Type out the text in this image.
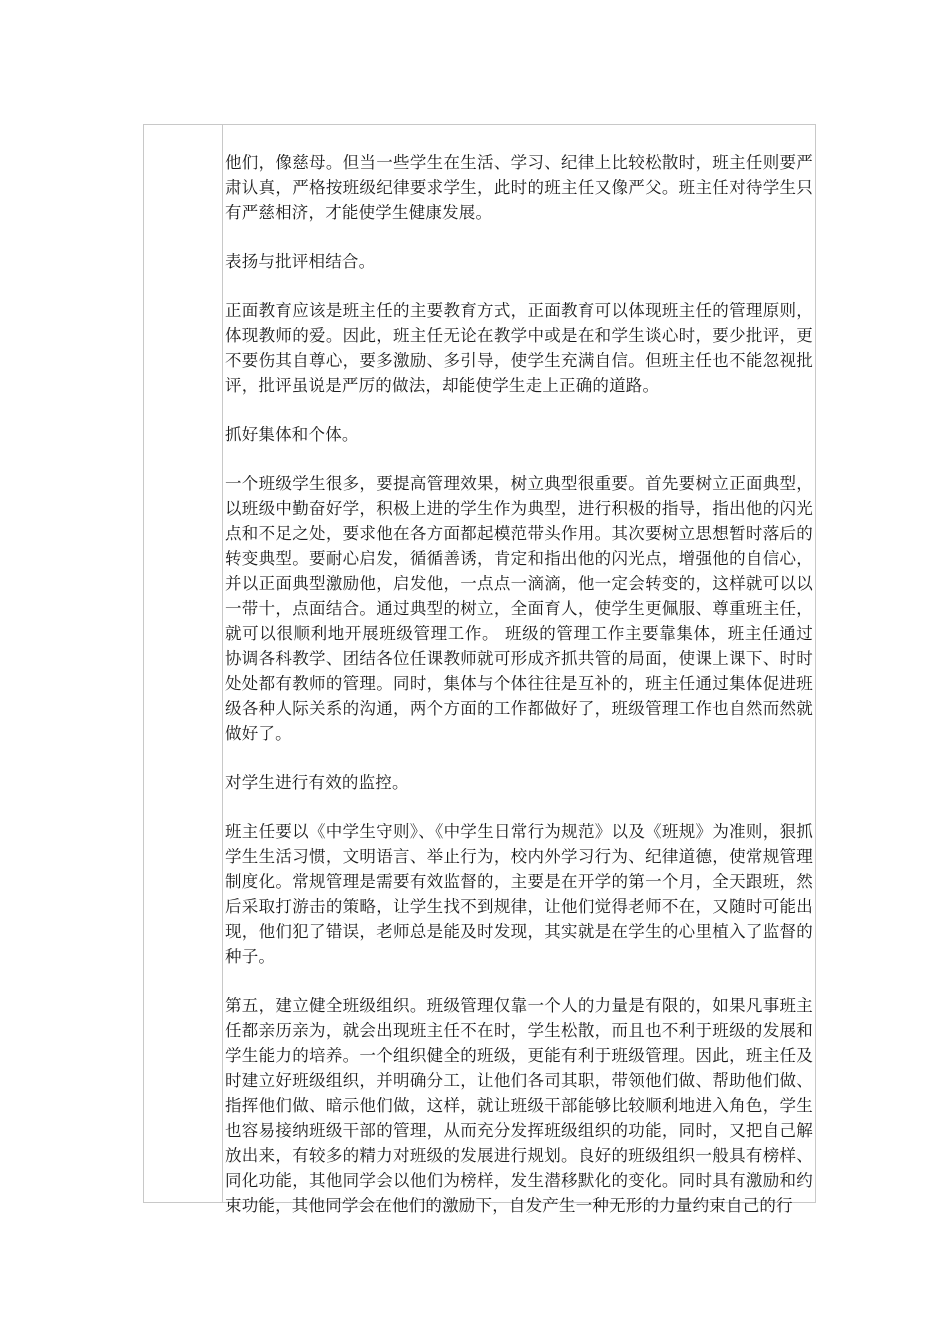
他们，像慈母。但当一些学生在生活、学习、纪律上比较松散时，班主任则要严肃认真，严格按班级纪律要求学生，此时的班主任又像严父。班主任对待学生只有严慈相济，才能使学生健康发展。

表扬与批评相结合。

正面教育应该是班主任的主要教育方式，正面教育可以体现班主任的管理原则，体现教师的爱。因此，班主任无论在教学中或是在和学生谈心时，要少批评，更不要伤其自尊心，要多激励、多引导，使学生充满自信。但班主任也不能忽视批评，批评虽说是严厉的做法，却能使学生走上正确的道路。

抓好集体和个体。

一个班级学生很多，要提高管理效果，树立典型很重要。首先要树立正面典型，以班级中勤奋好学，积极上进的学生作为典型，进行积极的指导，指出他的闪光点和不足之处，要求他在各方面都起模范带头作用。其次要树立思想暂时落后的转变典型。要耐心启发，循循善诱，肯定和指出他的闪光点，增强他的自信心，并以正面典型激励他，启发他，一点点一滴滴，他一定会转变的，这样就可以以一带十，点面结合。通过典型的树立，全面育人，使学生更佩服、尊重班主任，就可以很顺利地开展班级管理工作。 班级的管理工作主要靠集体，班主任通过协调各科教学、团结各位任课教师就可形成齐抓共管的局面，使课上课下、时时处处都有教师的管理。同时，集体与个体往往是互补的，班主任通过集体促进班级各种人际关系的沟通，两个方面的工作都做好了，班级管理工作也自然而然就做好了。

对学生进行有效的监控。

班主任要以《中学生守则》、《中学生日常行为规范》以及《班规》为准则，狠抓学生生活习惯，文明语言、举止行为，校内外学习行为、纪律道德，使常规管理制度化。常规管理是需要有效监督的，主要是在开学的第一个月，全天跟班，然后采取打游击的策略，让学生找不到规律，让他们觉得老师不在，又随时可能出现，他们犯了错误，老师总是能及时发现，其实就是在学生的心里植入了监督的种子。

第五，建立健全班级组织。班级管理仅靠一个人的力量是有限的，如果凡事班主任都亲历亲为，就会出现班主任不在时，学生松散，而且也不利于班级的发展和学生能力的培养。一个组织健全的班级，更能有利于班级管理。因此，班主任及时建立好班级组织，并明确分工，让他们各司其职，带领他们做、帮助他们做、指挥他们做、暗示他们做，这样，就让班级干部能够比较顺利地进入角色，学生也容易接纳班级干部的管理，从而充分发挥班级组织的功能，同时，又把自己解放出来，有较多的精力对班级的发展进行规划。良好的班级组织一般具有榜样、同化功能，其他同学会以他们为榜样，发生潜移默化的变化。同时具有激励和约束功能，其他同学会在他们的激励下，自发产生一种无形的力量约束自己的行
